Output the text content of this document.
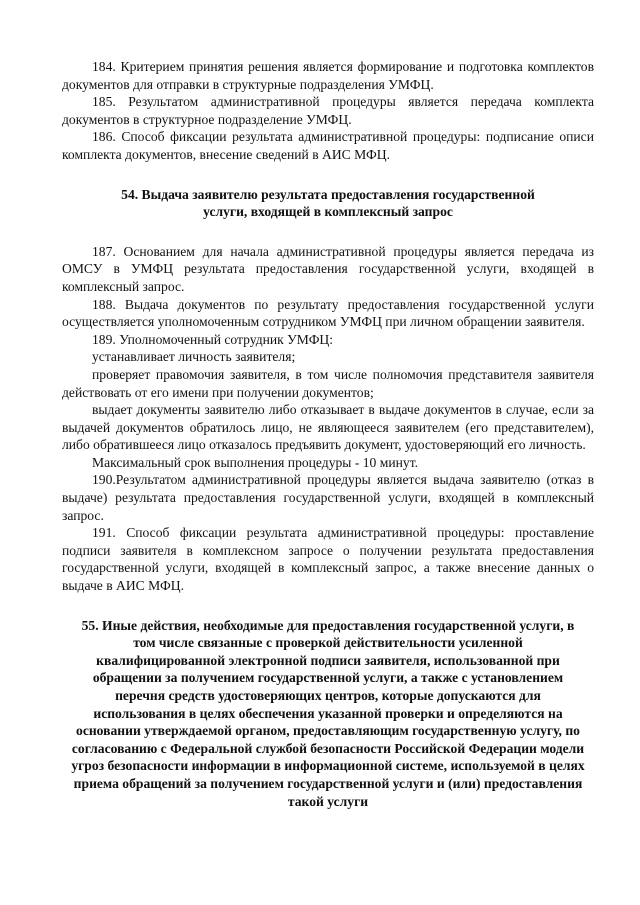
184. Критерием принятия решения является формирование и подготовка комплектов документов для отправки в структурные подразделения УМФЦ.

185. Результатом административной процедуры является передача комплекта документов в структурное подразделение УМФЦ.

186. Способ фиксации результата административной процедуры: подписание описи комплекта документов, внесение сведений в АИС МФЦ.

54. Выдача заявителю результата предоставления государственной услуги, входящей в комплексный запрос

187. Основанием для начала административной процедуры является передача из ОМСУ в УМФЦ результата предоставления государственной услуги, входящей в комплексный запрос.

188. Выдача документов по результату предоставления государственной услуги осуществляется уполномоченным сотрудником УМФЦ при личном обращении заявителя.

189. Уполномоченный сотрудник УМФЦ:

устанавливает личность заявителя;

проверяет правомочия заявителя, в том числе полномочия представителя заявителя действовать от его имени при получении документов;

выдает документы заявителю либо отказывает в выдаче документов в случае, если за выдачей документов обратилось лицо, не являющееся заявителем (его представителем), либо обратившееся лицо отказалось предъявить документ, удостоверяющий его личность.

Максимальный срок выполнения процедуры - 10 минут.

190.Результатом административной процедуры является выдача заявителю (отказ в выдаче) результата предоставления государственной услуги, входящей в комплексный запрос.

191. Способ фиксации результата административной процедуры: проставление подписи заявителя в комплексном запросе о получении результата предоставления государственной услуги, входящей в комплексный запрос, а также внесение данных о выдаче в АИС МФЦ.

55. Иные действия, необходимые для предоставления государственной услуги, в том числе связанные с проверкой действительности усиленной квалифицированной электронной подписи заявителя, использованной при обращении за получением государственной услуги, а также с установлением перечня средств удостоверяющих центров, которые допускаются для использования в целях обеспечения указанной проверки и определяются на основании утверждаемой органом, предоставляющим государственную услугу, по согласованию с Федеральной службой безопасности Российской Федерации модели угроз безопасности информации в информационной системе, используемой в целях приема обращений за получением государственной услуги и (или) предоставления такой услуги
